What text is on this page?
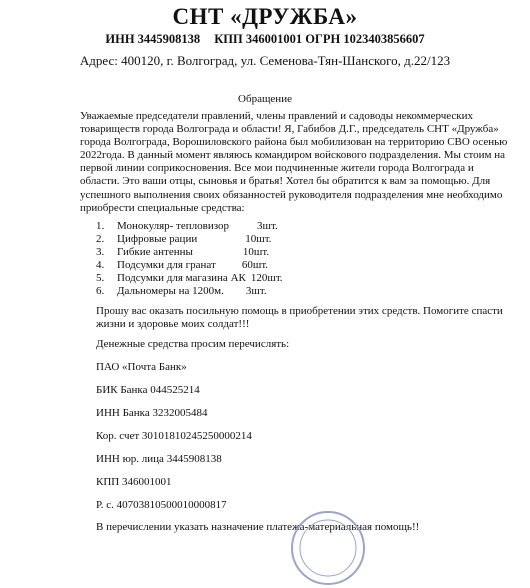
СНТ «ДРУЖБА»
ИНН 3445908138 КПП 346001001 ОГРН 1023403856607
Адрес: 400120, г. Волгоград, ул. Семенова-Тян-Шанского, д.22/123
Обращение

Уважаемые председатели правлений, члены правлений и садоводы некоммерческих товариществ города Волгограда и области! Я, Габибов Д.Г., председатель СНТ «Дружба» города Волгограда, Ворошиловского района был мобилизован на территорию СВО осенью 2022года. В данный момент являюсь командиром войскового подразделения. Мы стоим на первой линии соприкосновения. Все мои подчиненные жители города Волгограда и области. Это ваши отцы, сыновья и братья! Хотел бы обратится к вам за помощью. Для успешного выполнения своих обязанностей руководителя подразделения мне необходимо приобрести специальные средства:

1.	Монокуляр- тепловизор	3шт.
2.	Цифровые рации	10шт.
3.	Гибкие антенны	10шт.
4.	Подсумки для гранат 60шт.
5.	Подсумки для магазина АК 120шт.
6.	Дальномеры на 1200м. 3шт.

Прошу вас оказать посильную помощь в приобретении этих средств. Помогите спасти жизни и здоровье моих солдат!!!

Денежные средства просим перечислять:
ПАО «Почта Банк»
БИК Банка 044525214
ИНН Банка 3232005484
Кор. счет 30101810245250000214
ИНН юр. лица 3445908138
КПП 346001001
Р. с. 40703810500010000817
В перечислении указать назначение платежа-материальная помощь!!
